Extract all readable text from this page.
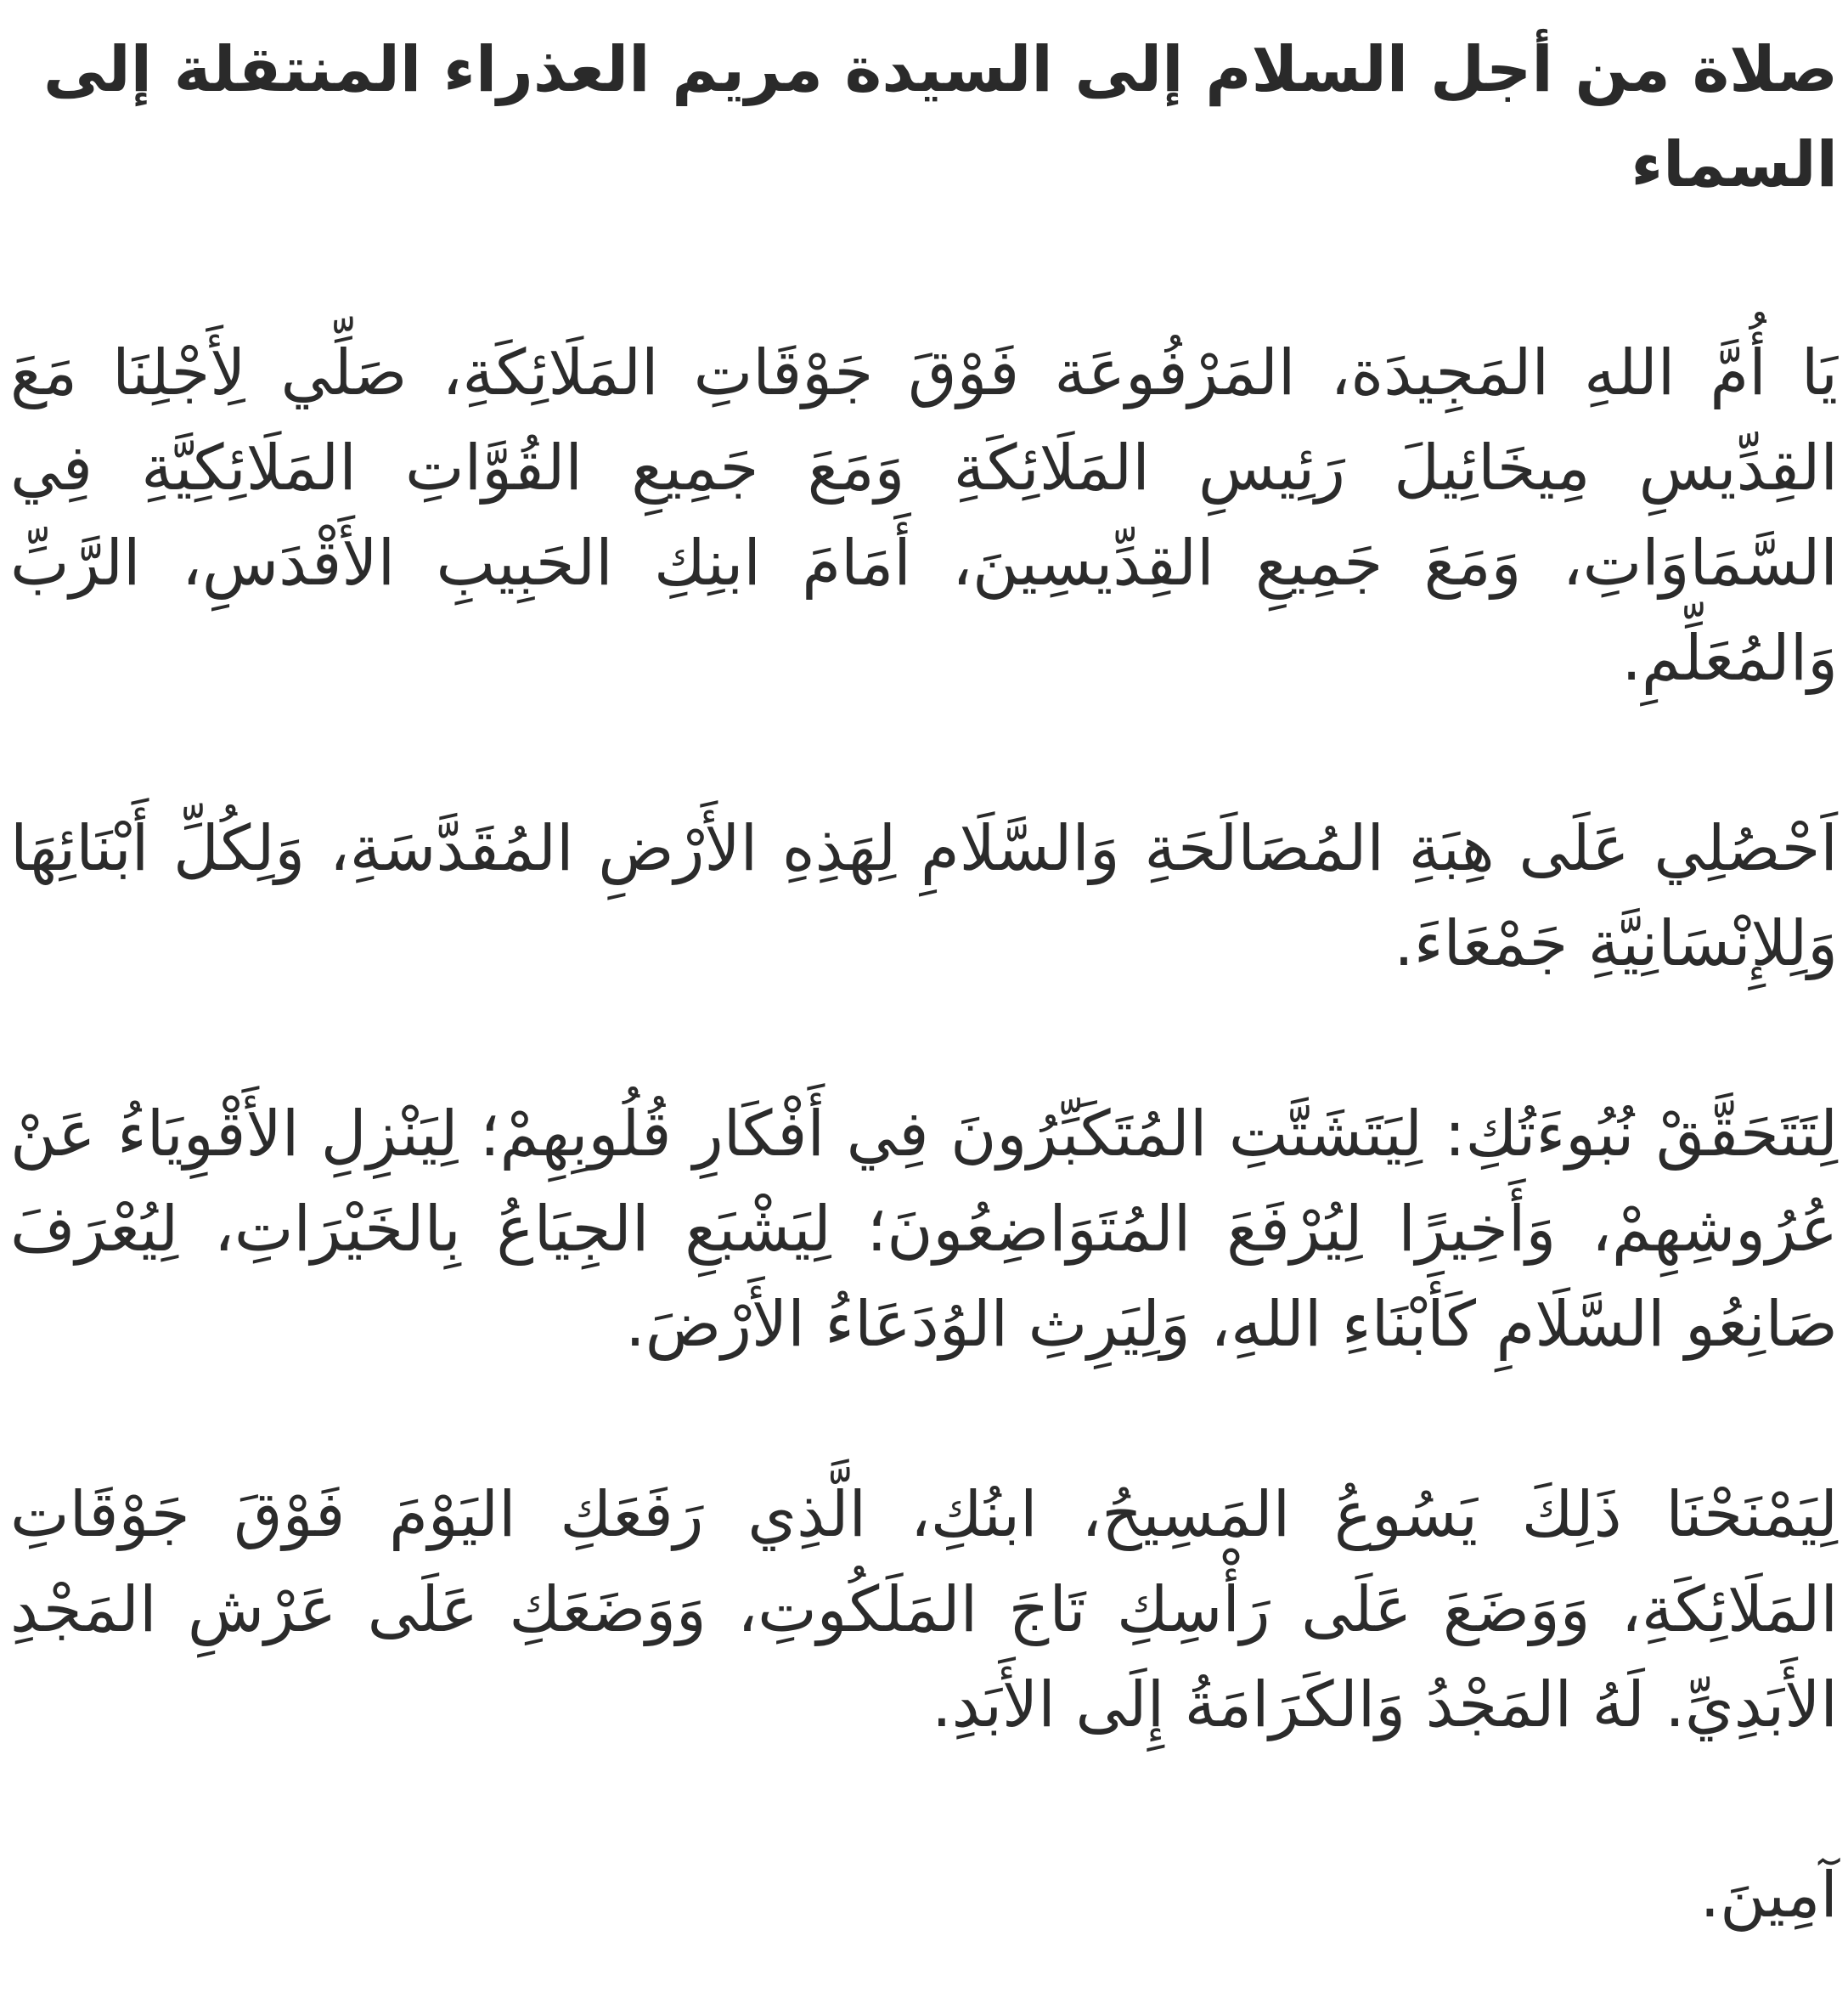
صلاة من أجل السلام إلى السيدة مريم العذراء المنتقلة إلى السماء

يَا أُمَّ اللهِ المَجِيدَة، المَرْفُوعَة فَوْقَ جَوْقَاتِ المَلَائِكَةِ، صَلِّي لِأَجْلِنَا مَعَ القِدِّيسِ مِيخَائِيلَ رَئِيسِ المَلَائِكَةِ وَمَعَ جَمِيعِ القُوَّاتِ المَلَائِكِيَّةِ فِي السَّمَاوَاتِ، وَمَعَ جَمِيعِ القِدِّيسِينَ، أَمَامَ ابنِكِ الحَبِيبِ الأَقْدَسِ، الرَّبِّ وَالمُعَلِّمِ.

اَحْصُلِي عَلَى هِبَةِ المُصَالَحَةِ وَالسَّلَامِ لِهَذِهِ الأَرْضِ المُقَدَّسَةِ، وَلِكُلِّ أَبْنَائِهَا وَلِلإِنْسَانِيَّةِ جَمْعَاءَ.

لِتَتَحَقَّقْ نُبُوءَتُكِ: لِيَتَشَتَّتِ المُتَكَبِّرُونَ فِي أَفْكَارِ قُلُوبِهِمْ؛ لِيَنْزِلِ الأَقْوِيَاءُ عَنْ عُرُوشِهِمْ، وَأَخِيرًا لِيُرْفَعَ المُتَوَاضِعُونَ؛ لِيَشْبَعِ الجِيَاعُ بِالخَيْرَاتِ، لِيُعْرَفَ صَانِعُو السَّلَامِ كَأَبْنَاءِ اللهِ، وَلِيَرِثِ الوُدَعَاءُ الأَرْضَ.

لِيَمْنَحْنَا ذَلِكَ يَسُوعُ المَسِيحُ، ابنُكِ، الَّذِي رَفَعَكِ اليَوْمَ فَوْقَ جَوْقَاتِ المَلَائِكَةِ، وَوَضَعَ عَلَى رَأْسِكِ تَاجَ المَلَكُوتِ، وَوَضَعَكِ عَلَى عَرْشِ المَجْدِ الأَبَدِيِّ. لَهُ المَجْدُ وَالكَرَامَةُ إِلَى الأَبَدِ.

آمِينَ.
